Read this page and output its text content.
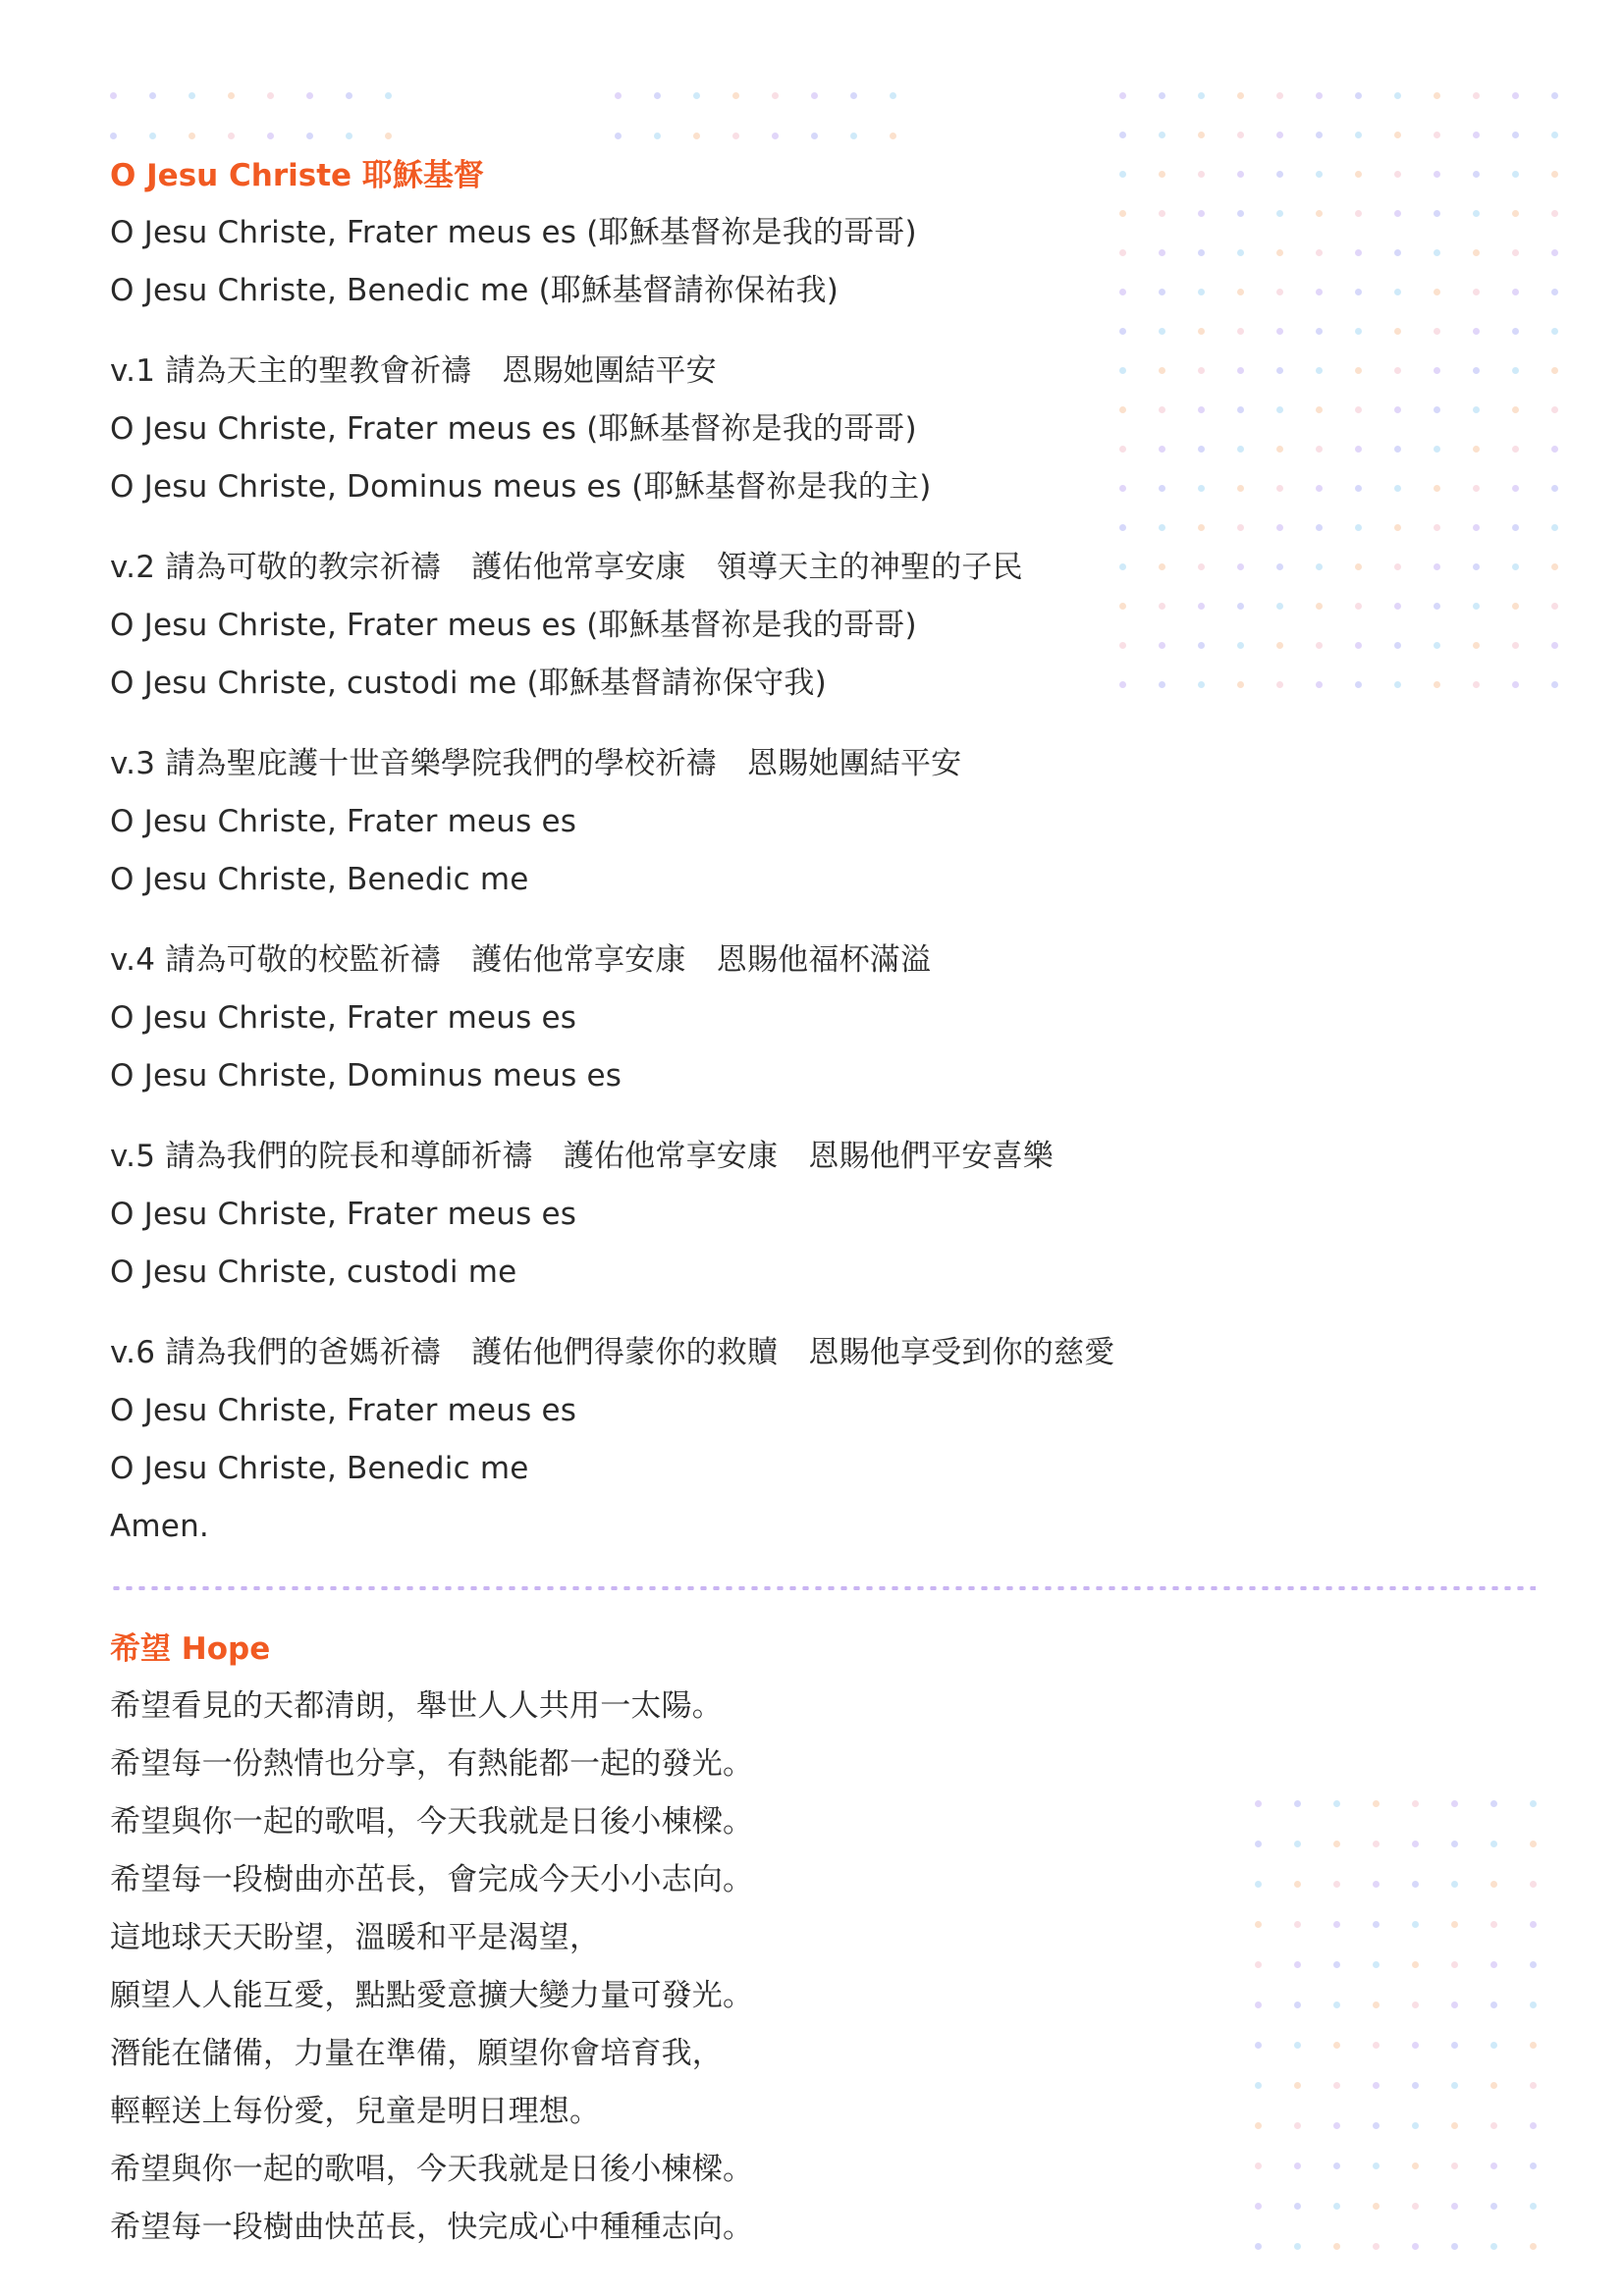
O Jesu Christe 耶穌基督
O Jesu Christe, Frater meus es (耶穌基督祢是我的哥哥)
O Jesu Christe, Benedic me (耶穌基督請祢保祐我)
v.1 請為天主的聖教會祈禱　恩賜她團結平安
O Jesu Christe, Frater meus es (耶穌基督祢是我的哥哥)
O Jesu Christe, Dominus meus es (耶穌基督祢是我的主)
v.2 請為可敬的教宗祈禱　護佑他常享安康　領導天主的神聖的子民
O Jesu Christe, Frater meus es (耶穌基督祢是我的哥哥)
O Jesu Christe, custodi me (耶穌基督請祢保守我)
v.3 請為聖庇護十世音樂學院我們的學校祈禱　恩賜她團結平安
O Jesu Christe, Frater meus es
O Jesu Christe, Benedic me
v.4 請為可敬的校監祈禱　護佑他常享安康　恩賜他福杯滿溢
O Jesu Christe, Frater meus es
O Jesu Christe, Dominus meus es
v.5 請為我們的院長和導師祈禱　護佑他常享安康　恩賜他們平安喜樂
O Jesu Christe, Frater meus es
O Jesu Christe, custodi me
v.6 請為我們的爸媽祈禱　護佑他們得蒙你的救贖　恩賜他享受到你的慈愛
O Jesu Christe, Frater meus es
O Jesu Christe, Benedic me
Amen.
希望 Hope
希望看見的天都清朗，舉世人人共用一太陽。
希望每一份熱情也分享，有熱能都一起的發光。
希望與你一起的歌唱，今天我就是日後小棟樑。
希望每一段樹曲亦茁長，會完成今天小小志向。
這地球天天盼望，溫暖和平是渴望，
願望人人能互愛，點點愛意擴大變力量可發光。
潛能在儲備，力量在準備，願望你會培育我，
輕輕送上每份愛，兒童是明日理想。
希望與你一起的歌唱，今天我就是日後小棟樑。
希望每一段樹曲快茁長，快完成心中種種志向。
